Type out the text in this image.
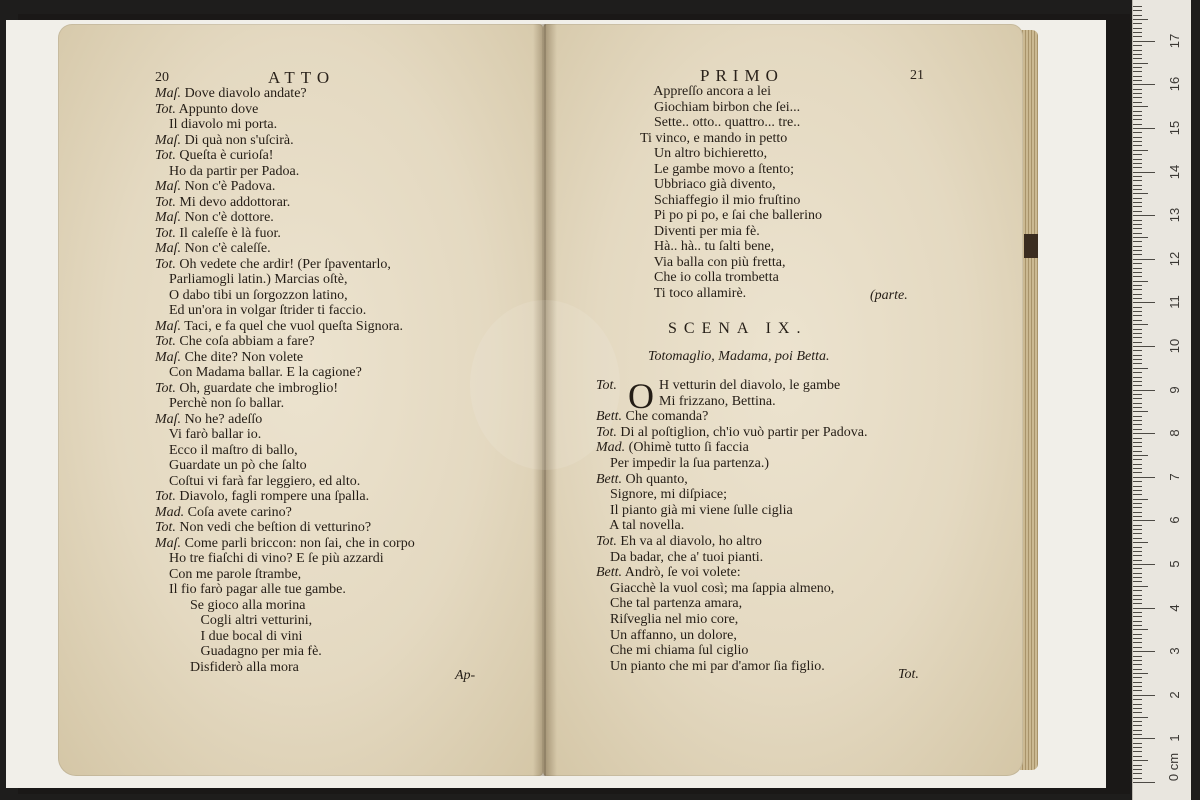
20	ATTO
Maſ. Dove diavolo andate?
Tot. Appunto dove
Il diavolo mi porta.
Maſ. Di quà non s'uſcirà.
Tot. Queſta è curioſa!
Ho da partir per Padoa.
Maſ. Non c'è Padova.
Tot. Mi devo addottorar.
Maſ. Non c'è dottore.
Tot. Il caleſſe è là fuor.
Maſ. Non c'è caleſſe.
Tot. Oh vedete che ardir! (Per ſpaventarlo,
Parliamogli latin.) Marcias oſtè,
O dabo tibi un ſorgozzon latino,
Ed un'ora in volgar ſtrider ti faccio.
Maſ. Taci, e fa quel che vuol queſta Signora.
Tot. Che coſa abbiam a fare?
Maſ. Che dite? Non volete
Con Madama ballar. E la cagione?
Tot. Oh, guardate che imbroglio!
Perchè non ſo ballar.
Maſ. No he? adeſſo
Vi farò ballar io.
Ecco il maſtro di ballo,
Guardate un pò che ſalto
Coſtui vi farà far leggiero, ed alto.
Tot. Diavolo, fagli rompere una ſpalla.
Mad. Coſa avete carino?
Tot. Non vedi che beſtion di vetturino?
Maſ. Come parli briccon: non ſai, che in corpo
Ho tre fiaſchi di vino? E ſe più azzardi
Con me parole ſtrambe,
Il fio farò pagar alle tue gambe.
Se gioco alla morina
Cogli altri vetturini,
I due bocal di vini
Guadagno per mia fè.
Disfiderò alla mora
Ap-
PRIMO	21
Appreſſo ancora a lei
Giochiam birbon che ſei...
Sette.. otto.. quattro... tre..
Ti vinco, e mando in petto
Un altro bichieretto,
Le gambe movo a ſtento;
Ubbriaco già divento,
Schiaffegio il mio fruſtino
Pi po pi po, e ſai che ballerino
Diventi per mia fè.
Hà.. hà.. tu ſalti bene,
Via balla con più fretta,
Che io colla trombetta
Ti toco allamirè.	(parte.
SCENA IX.
Totomaglio, Madama, poi Betta.
O
Tot.	H vetturin del diavolo, le gambe
Mi frizzano, Bettina.
Bett. Che comanda?
Tot. Di al poſtiglion, ch'io vuò partir per Padova.
Mad. (Ohimè tutto ſi faccia
Per impedir la ſua partenza.)
Bett. Oh quanto,
Signore, mi diſpiace;
Il pianto già mi viene ſulle ciglia
A tal novella.
Tot. Eh va al diavolo, ho altro
Da badar, che a' tuoi pianti.
Bett. Andrò, ſe voi volete:
Giacchè la vuol così; ma ſappia almeno,
Che tal partenza amara,
Riſveglia nel mio core,
Un affanno, un dolore,
Che mi chiama ſul ciglio
Un pianto che mi par d'amor ſia figlio.
Tot.
0 cm
1
2
3
4
5
6
7
8
9
10
11
12
13
14
15
16
17
